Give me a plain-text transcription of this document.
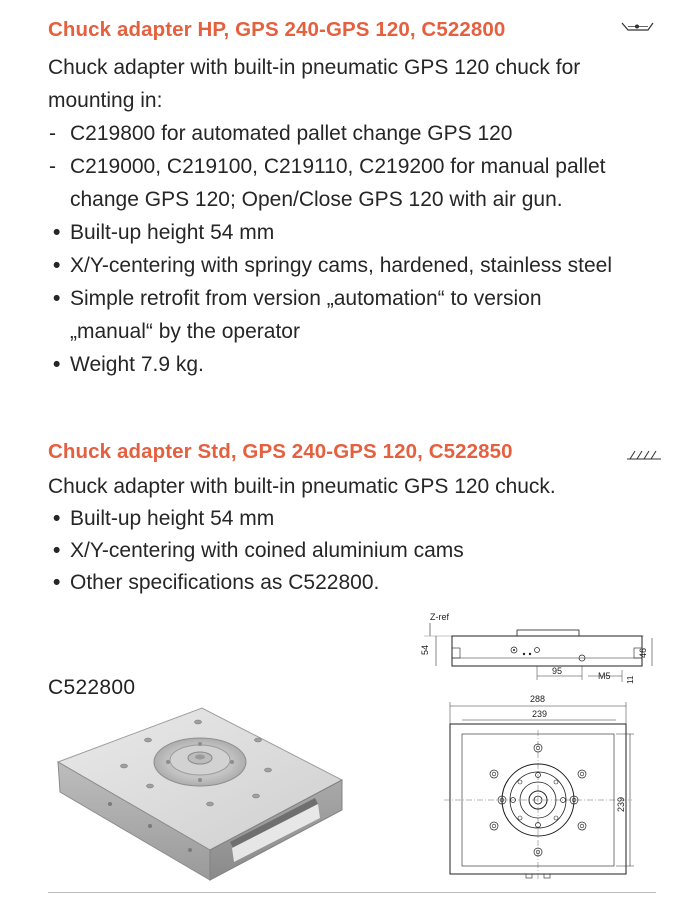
Chuck adapter HP, GPS 240-GPS 120, C522800

Chuck adapter with built-in pneumatic GPS 120 chuck for mounting in:

- C219800 for automated pallet change GPS 120
- C219000, C219100, C219110, C219200 for manual pallet change GPS 120; Open/Close GPS 120 with air gun.
• Built-up height 54 mm
• X/Y-centering with springy cams, hardened, stainless steel
• Simple retrofit from version „automation“ to version „manual“ by the operator
• Weight 7.9 kg.
Chuck adapter Std, GPS 240-GPS 120, C522850

Chuck adapter with built-in pneumatic GPS 120 chuck.

• Built-up height 54 mm
• X/Y-centering with coined aluminium cams
• Other specifications as C522800.
C522800
Z-ref
54	46
95	M5 11
288
239
239
